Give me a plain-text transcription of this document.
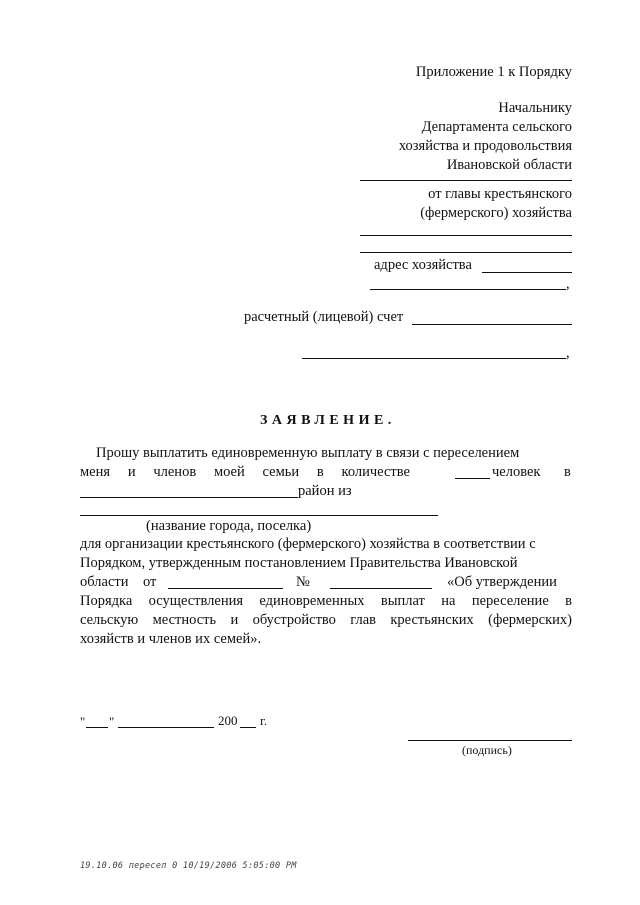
Приложение 1 к Порядку
Начальнику
Департамента сельского
хозяйства и продовольствия
Ивановской области
от главы крестьянского
(фермерского) хозяйства
адрес хозяйства
,
расчетный (лицевой) счет
,
ЗАЯВЛЕНИЕ.
Прошу выплатить единовременную выплату в связи с переселением
меня и членов моей семьи в количестве	человек в
район из
(название города, поселка)
для организации крестьянского (фермерского) хозяйства в соответствии с
Порядком, утвержденным постановлением Правительства Ивановской
области от	№	«Об утверждении
Порядка осуществления единовременных выплат на переселение в
сельскую местность и обустройство глав крестьянских (фермерских)
хозяйств и членов их семей».
" "	200 г.
(подпись)
19.10.06 пересел 0 10/19/2006 5:05:00 PM
